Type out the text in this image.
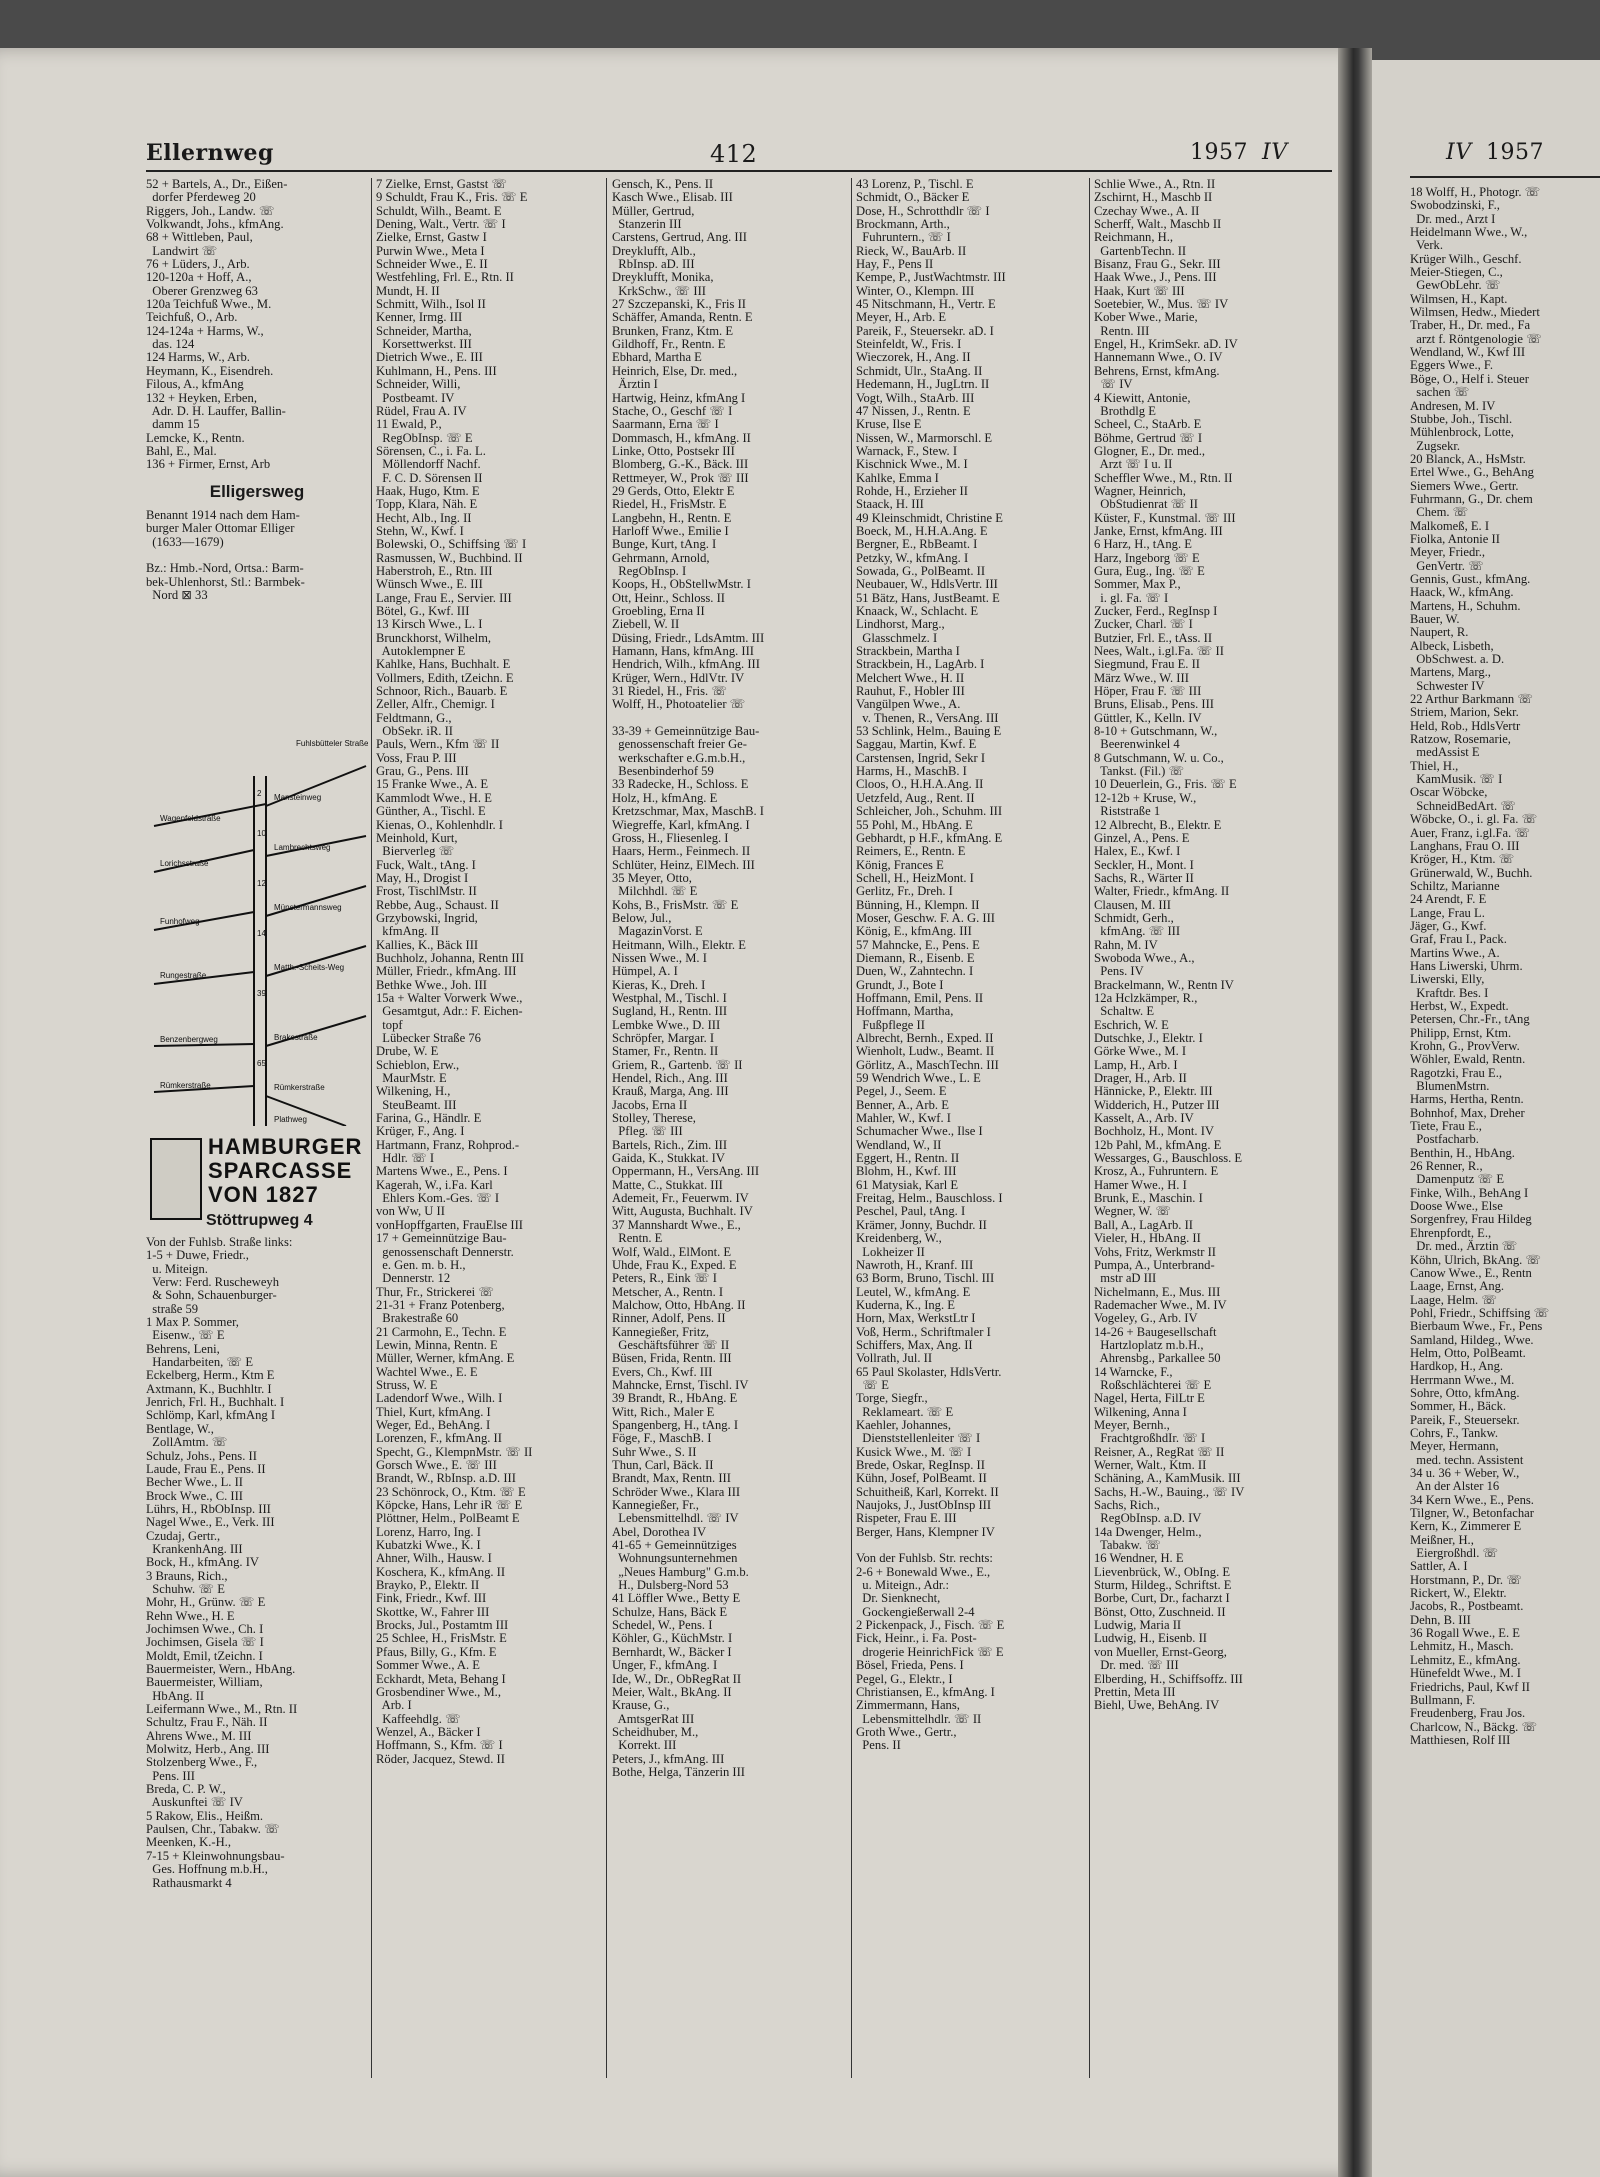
Ellernweg	412	1957 IV	IV 1957
52 + Bartels, A., Dr., Eißen-
dorfer Pferdeweg 20
Riggers, Joh., Landw. ☏
Volkwandt, Johs., kfmAng.
68 + Wittleben, Paul,
Landwirt ☏
76 + Lüders, J., Arb.
120-120a + Hoff, A.,
Oberer Grenzweg 63
120a Teichfuß Wwe., M.
Teichfuß, O., Arb.
124-124a + Harms, W.,
das. 124
124 Harms, W., Arb.
Heymann, K., Eisendreh.
Filous, A., kfmAng
132 + Heyken, Erben,
Adr. D. H. Lauffer, Ballin-
damm 15
Lemcke, K., Rentn.
Bahl, E., Mal.
136 + Firmer, Ernst, Arb
Elligersweg
Benannt 1914 nach dem Ham-
burger Maler Ottomar Elliger
(1633—1679)
Bz.: Hmb.-Nord, Ortsa.: Barm-
bek-Uhlenhorst, Stl.: Barmbek-
Nord ⊠ 33
Wagenfeldstraße
Lorichsstraße
Funhofweg
Rungestraße
Benzenbergweg
Rümkerstraße
Mansteinweg
Lambrechtsweg
Münstermannsweg
Matth.-Scheits-Weg
Brakestraße
Rümkerstraße
Plathweg
Fuhlsbütteler Straße
2
10
12
14
39
65
HAMBURGER
SPARCASSE
VON 1827
Stöttrupweg 4
Von der Fuhlsb. Straße links:
1-5 + Duwe, Friedr.,
u. Miteign.
Verw: Ferd. Ruscheweyh
& Sohn, Schauenburger-
straße 59
1 Max P. Sommer,
Eisenw., ☏ E
Behrens, Leni,
Handarbeiten, ☏ E
Eckelberg, Herm., Ktm E
Axtmann, K., Buchhltr. I
Jenrich, Frl. H., Buchhalt. I
Schlömp, Karl, kfmAng I
Bentlage, W.,
ZollAmtm. ☏
Schulz, Johs., Pens. II
Laude, Frau E., Pens. II
Becher Wwe., L. II
Brock Wwe., C. III
Lührs, H., RbObInsp. III
Nagel Wwe., E., Verk. III
Czudaj, Gertr.,
KrankenhAng. III
Bock, H., kfmAng. IV
3 Brauns, Rich.,
Schuhw. ☏ E
Mohr, H., Grünw. ☏ E
Rehn Wwe., H. E
Jochimsen Wwe., Ch. I
Jochimsen, Gisela ☏ I
Moldt, Emil, tZeichn. I
Bauermeister, Wern., HbAng.
Bauermeister, William,
HbAng. II
Leifermann Wwe., M., Rtn. II
Schultz, Frau F., Näh. II
Ahrens Wwe., M. III
Molwitz, Herb., Ang. III
Stolzenberg Wwe., F.,
Pens. III
Breda, C. P. W.,
Auskunftei ☏ IV
5 Rakow, Elis., Heißm.
Paulsen, Chr., Tabakw. ☏
Meenken, K.-H.,
7-15 + Kleinwohnungsbau-
Ges. Hoffnung m.b.H.,
Rathausmarkt 4
7 Zielke, Ernst, Gastst ☏
9 Schuldt, Frau K., Fris. ☏ E
Schuldt, Wilh., Beamt. E
Dening, Walt., Vertr. ☏ I
Zielke, Ernst, Gastw I
Purwin Wwe., Meta I
Schneider Wwe., E. II
Westfehling, Frl. E., Rtn. II
Mundt, H. II
Schmitt, Wilh., Isol II
Kenner, Irmg. III
Schneider, Martha,
Korsettwerkst. III
Dietrich Wwe., E. III
Kuhlmann, H., Pens. III
Schneider, Willi,
Postbeamt. IV
Rüdel, Frau A. IV
11 Ewald, P.,
RegObInsp. ☏ E
Sörensen, C., i. Fa. L.
Möllendorff Nachf.
F. C. D. Sörensen II
Haak, Hugo, Ktm. E
Topp, Klara, Näh. E
Hecht, Alb., Ing. II
Stehn, W., Kwf. I
Bolewski, O., Schiffsing ☏ I
Rasmussen, W., Buchbind. II
Haberstroh, E., Rtn. III
Wünsch Wwe., E. III
Lange, Frau E., Servier. III
Bötel, G., Kwf. III
13 Kirsch Wwe., L. I
Brunckhorst, Wilhelm,
Autoklempner E
Kahlke, Hans, Buchhalt. E
Vollmers, Edith, tZeichn. E
Schnoor, Rich., Bauarb. E
Zeller, Alfr., Chemigr. I
Feldtmann, G.,
ObSekr. iR. II
Pauls, Wern., Kfm ☏ II
Voss, Frau P. III
Grau, G., Pens. III
15 Franke Wwe., A. E
Kammlodt Wwe., H. E
Günther, A., Tischl. E
Kienas, O., Kohlenhdlr. I
Meinhold, Kurt,
Bierverleg ☏
Fuck, Walt., tAng. I
May, H., Drogist I
Frost, TischlMstr. II
Rebbe, Aug., Schaust. II
Grzybowski, Ingrid,
kfmAng. II
Kallies, K., Bäck III
Buchholz, Johanna, Rentn III
Müller, Friedr., kfmAng. III
Bethke Wwe., Joh. III
15a + Walter Vorwerk Wwe.,
Gesamtgut, Adr.: F. Eichen-
topf
Lübecker Straße 76
Drube, W. E
Schieblon, Erw.,
MaurMstr. E
Wilkening, H.,
SteuBeamt. III
Farina, G., Händlr. E
Krüger, F., Ang. I
Hartmann, Franz, Rohprod.-
Hdlr. ☏ I
Martens Wwe., E., Pens. I
Kagerah, W., i.Fa. Karl
Ehlers Kom.-Ges. ☏ I
von Ww, U II
vonHopffgarten, FrauElse III
17 + Gemeinnützige Bau-
genossenschaft Dennerstr.
e. Gen. m. b. H.,
Dennerstr. 12
Thur, Fr., Strickerei ☏
21-31 + Franz Potenberg,
Brakestraße 60
21 Carmohn, E., Techn. E
Lewin, Minna, Rentn. E
Müller, Werner, kfmAng. E
Wachtel Wwe., E. E
Struss, W. E
Ladendorf Wwe., Wilh. I
Thiel, Kurt, kfmAng. I
Weger, Ed., BehAng. I
Lorenzen, F., kfmAng. II
Specht, G., KlempnMstr. ☏ II
Gorsch Wwe., E. ☏ III
Brandt, W., RbInsp. a.D. III
23 Schönrock, O., Ktm. ☏ E
Köpcke, Hans, Lehr iR ☏ E
Plöttner, Helm., PolBeamt E
Lorenz, Harro, Ing. I
Kubatzki Wwe., K. I
Ahner, Wilh., Hausw. I
Koschera, K., kfmAng. II
Brayko, P., Elektr. II
Fink, Friedr., Kwf. III
Skottke, W., Fahrer III
Brocks, Jul., Postamtm III
25 Schlee, H., FrisMstr. E
Pfaus, Billy, G., Kfm. E
Sommer Wwe., A. E
Eckhardt, Meta, Behang I
Grosbendiner Wwe., M.,
Arb. I
Kaffeehdlg. ☏
Wenzel, A., Bäcker I
Hoffmann, S., Kfm. ☏ I
Röder, Jacquez, Stewd. II
Gensch, K., Pens. II
Kasch Wwe., Elisab. III
Müller, Gertrud,
Stanzerin III
Carstens, Gertrud, Ang. III
Dreyklufft, Alb.,
RbInsp. aD. III
Dreyklufft, Monika,
KrkSchw., ☏ III
27 Szczepanski, K., Fris II
Schäffer, Amanda, Rentn. E
Brunken, Franz, Ktm. E
Gildhoff, Fr., Rentn. E
Ebhard, Martha E
Heinrich, Else, Dr. med.,
Ärztin I
Hartwig, Heinz, kfmAng I
Stache, O., Geschf ☏ I
Saarmann, Erna ☏ I
Dommasch, H., kfmAng. II
Linke, Otto, Postsekr III
Blomberg, G.-K., Bäck. III
Rettmeyer, W., Prok ☏ III
29 Gerds, Otto, Elektr E
Riedel, H., FrisMstr. E
Langbehn, H., Rentn. E
Harloff Wwe., Emilie I
Bunge, Kurt, tAng. I
Gehrmann, Arnold,
RegObInsp. I
Koops, H., ObStellwMstr. I
Ott, Heinr., Schloss. II
Groebling, Erna II
Ziebell, W. II
Düsing, Friedr., LdsAmtm. III
Hamann, Hans, kfmAng. III
Hendrich, Wilh., kfmAng. III
Krüger, Wern., HdlVtr. IV
31 Riedel, H., Fris. ☏
Wolff, H., Photoatelier ☏
33-39 + Gemeinnützige Bau-
genossenschaft freier Ge-
werkschafter e.G.m.b.H.,
Besenbinderhof 59
33 Radecke, H., Schloss. E
Holz, H., kfmAng. E
Kretzschmar, Max, MaschB. I
Wiegreffe, Karl, kfmAng. I
Gross, H., Fliesenleg. I
Haars, Herm., Feinmech. II
Schlüter, Heinz, ElMech. III
35 Meyer, Otto,
Milchhdl. ☏ E
Kohs, B., FrisMstr. ☏ E
Below, Jul.,
MagazinVorst. E
Heitmann, Wilh., Elektr. E
Nissen Wwe., M. I
Hümpel, A. I
Kieras, K., Dreh. I
Westphal, M., Tischl. I
Sugland, H., Rentn. III
Lembke Wwe., D. III
Schröpfer, Margar. I
Stamer, Fr., Rentn. II
Griem, R., Gartenb. ☏ II
Hendel, Rich., Ang. III
Krauß, Marga, Ang. III
Jacobs, Erna II
Stolley, Therese,
Pfleg. ☏ III
Bartels, Rich., Zim. III
Gaida, K., Stukkat. IV
Oppermann, H., VersAng. III
Matte, C., Stukkat. III
Ademeit, Fr., Feuerwm. IV
Witt, Augusta, Buchhalt. IV
37 Mannshardt Wwe., E.,
Rentn. E
Wolf, Wald., ElMont. E
Uhde, Frau K., Exped. E
Peters, R., Eink ☏ I
Metscher, A., Rentn. I
Malchow, Otto, HbAng. II
Rinner, Adolf, Pens. II
Kannegießer, Fritz,
Geschäftsführer ☏ II
Büsen, Frida, Rentn. III
Evers, Ch., Kwf. III
Mahncke, Ernst, Tischl. IV
39 Brandt, R., HbAng. E
Witt, Rich., Maler E
Spangenberg, H., tAng. I
Föge, F., MaschB. I
Suhr Wwe., S. II
Thun, Carl, Bäck. II
Brandt, Max, Rentn. III
Schröder Wwe., Klara III
Kannegießer, Fr.,
Lebensmittelhdl. ☏ IV
Abel, Dorothea IV
41-65 + Gemeinnütziges
Wohnungsunternehmen
„Neues Hamburg" G.m.b.
H., Dulsberg-Nord 53
41 Löffler Wwe., Betty E
Schulze, Hans, Bäck E
Schedel, W., Pens. I
Köhler, G., KüchMstr. I
Bernhardt, W., Bäcker I
Unger, F., kfmAng. I
Ide, W., Dr., ObRegRat II
Meier, Walt., BkAng. II
Krause, G.,
AmtsgerRat III
Scheidhuber, M.,
Korrekt. III
Peters, J., kfmAng. III
Bothe, Helga, Tänzerin III
43 Lorenz, P., Tischl. E
Schmidt, O., Bäcker E
Dose, H., Schrotthdlr ☏ I
Brockmann, Arth.,
Fuhruntern., ☏ I
Rieck, W., BauArb. II
Hay, F., Pens II
Kempe, P., JustWachtmstr. III
Winter, O., Klempn. III
45 Nitschmann, H., Vertr. E
Meyer, H., Arb. E
Pareik, F., Steuersekr. aD. I
Steinfeldt, W., Fris. I
Wieczorek, H., Ang. II
Schmidt, Ulr., StaAng. II
Hedemann, H., JugLtrn. II
Vogt, Wilh., StaArb. III
47 Nissen, J., Rentn. E
Kruse, Ilse E
Nissen, W., Marmorschl. E
Warnack, F., Stew. I
Kischnick Wwe., M. I
Kahlke, Emma I
Rohde, H., Erzieher II
Staack, H. III
49 Kleinschmidt, Christine E
Boeck, M., H.H.A.Ang. E
Bergner, E., RbBeamt. I
Petzky, W., kfmAng. I
Sowada, G., PolBeamt. II
Neubauer, W., HdlsVertr. III
51 Bätz, Hans, JustBeamt. E
Knaack, W., Schlacht. E
Lindhorst, Marg.,
Glasschmelz. I
Strackbein, Martha I
Strackbein, H., LagArb. I
Melchert Wwe., H. II
Rauhut, F., Hobler III
Vangülpen Wwe., A.
v. Thenen, R., VersAng. III
53 Schlink, Helm., Bauing E
Saggau, Martin, Kwf. E
Carstensen, Ingrid, Sekr I
Harms, H., MaschB. I
Cloos, O., H.H.A.Ang. II
Uetzfeld, Aug., Rent. II
Schleicher, Joh., Schuhm. III
55 Pohl, M., HbAng. E
Gebhardt, p H.F., kfmAng. E
Reimers, E., Rentn. E
König, Frances E
Schell, H., HeizMont. I
Gerlitz, Fr., Dreh. I
Bünning, H., Klempn. II
Moser, Geschw. F. A. G. III
König, E., kfmAng. III
57 Mahncke, E., Pens. E
Diemann, R., Eisenb. E
Duen, W., Zahntechn. I
Grundt, J., Bote I
Hoffmann, Emil, Pens. II
Hoffmann, Martha,
Fußpflege II
Albrecht, Bernh., Exped. II
Wienholt, Ludw., Beamt. II
Görlitz, A., MaschTechn. III
59 Wendrich Wwe., L. E
Pegel, J., Seem. E
Benner, A., Arb. E
Mahler, W., Kwf. I
Schumacher Wwe., Ilse I
Wendland, W., II
Eggert, H., Rentn. II
Blohm, H., Kwf. III
61 Matysiak, Karl E
Freitag, Helm., Bauschloss. I
Peschel, Paul, tAng. I
Krämer, Jonny, Buchdr. II
Kreidenberg, W.,
Lokheizer II
Nawroth, H., Kranf. III
63 Borm, Bruno, Tischl. III
Leutel, W., kfmAng. E
Kuderna, K., Ing. E
Horn, Max, WerkstLtr I
Voß, Herm., Schriftmaler I
Schiffers, Max, Ang. II
Vollrath, Jul. II
65 Paul Skolaster, HdlsVertr.
☏ E
Torge, Siegfr.,
Reklameart. ☏ E
Kaehler, Johannes,
Dienststellenleiter ☏ I
Kusick Wwe., M. ☏ I
Brede, Oskar, RegInsp. II
Kühn, Josef, PolBeamt. II
Schuitheiß, Karl, Korrekt. II
Naujoks, J., JustObInsp III
Rispeter, Frau E. III
Berger, Hans, Klempner IV
Von der Fuhlsb. Str. rechts:
2-6 + Bonewald Wwe., E.,
u. Miteign., Adr.:
Dr. Sienknecht,
Gockengießerwall 2-4
2 Pickenpack, J., Fisch. ☏ E
Fick, Heinr., i. Fa. Post-
drogerie HeinrichFick ☏ E
Bösel, Frieda, Pens. I
Pegel, G., Elektr., I
Christiansen, E., kfmAng. I
Zimmermann, Hans,
Lebensmittelhdlr. ☏ II
Groth Wwe., Gertr.,
Pens. II
Schlie Wwe., A., Rtn. II
Zschirnt, H., Maschb II
Czechay Wwe., A. II
Scherff, Walt., Maschb II
Reichmann, H.,
GartenbTechn. II
Bisanz, Frau G., Sekr. III
Haak Wwe., J., Pens. III
Haak, Kurt ☏ III
Soetebier, W., Mus. ☏ IV
Kober Wwe., Marie,
Rentn. III
Engel, H., KrimSekr. aD. IV
Hannemann Wwe., O. IV
Behrens, Ernst, kfmAng.
☏ IV
4 Kiewitt, Antonie,
Brothdlg E
Scheel, C., StaArb. E
Böhme, Gertrud ☏ I
Glogner, E., Dr. med.,
Arzt ☏ I u. II
Scheffler Wwe., M., Rtn. II
Wagner, Heinrich,
ObStudienrat ☏ II
Küster, F., Kunstmal. ☏ III
Janke, Ernst, kfmAng. III
6 Harz, H., tAng. E
Harz, Ingeborg ☏ E
Gura, Eug., Ing. ☏ E
Sommer, Max P.,
i. gl. Fa. ☏ I
Zucker, Ferd., RegInsp I
Zucker, Charl. ☏ I
Butzier, Frl. E., tAss. II
Nees, Walt., i.gl.Fa. ☏ II
Siegmund, Frau E. II
März Wwe., W. III
Höper, Frau F. ☏ III
Bruns, Elisab., Pens. III
Güttler, K., Kelln. IV
8-10 + Gutschmann, W.,
Beerenwinkel 4
8 Gutschmann, W. u. Co.,
Tankst. (Fil.) ☏
10 Deuerlein, G., Fris. ☏ E
12-12b + Kruse, W.,
Riststraße 1
12 Albrecht, B., Elektr. E
Ginzel, A., Pens. E
Halex, E., Kwf. I
Seckler, H., Mont. I
Sachs, R., Wärter II
Walter, Friedr., kfmAng. II
Clausen, M. III
Schmidt, Gerh.,
kfmAng. ☏ III
Rahn, M. IV
Swoboda Wwe., A.,
Pens. IV
Brackelmann, W., Rentn IV
12a Hclzkämper, R.,
Schaltw. E
Eschrich, W. E
Dutschke, J., Elektr. I
Görke Wwe., M. I
Lamp, H., Arb. I
Drager, H., Arb. II
Hännicke, P., Elektr. III
Widderich, H., Putzer III
Kasselt, A., Arb. IV
Bochholz, H., Mont. IV
12b Pahl, M., kfmAng. E
Wessarges, G., Bauschloss. E
Krosz, A., Fuhruntern. E
Hamer Wwe., H. I
Brunk, E., Maschin. I
Wegner, W. ☏
Ball, A., LagArb. II
Vieler, H., HbAng. II
Vohs, Fritz, Werkmstr II
Pumpa, A., Unterbrand-
mstr aD III
Nichelmann, E., Mus. III
Rademacher Wwe., M. IV
Vogeley, G., Arb. IV
14-26 + Baugesellschaft
Hartzloplatz m.b.H.,
Ahrensbg., Parkallee 50
14 Warncke, F.,
Roßschlächterei ☏ E
Nagel, Herta, FilLtr E
Wilkening, Anna I
Meyer, Bernh.,
FrachtgroßhdIr. ☏ I
Reisner, A., RegRat ☏ II
Werner, Walt., Ktm. II
Schäning, A., KamMusik. III
Sachs, H.-W., Bauing., ☏ IV
Sachs, Rich.,
RegObInsp. a.D. IV
14a Dwenger, Helm.,
Tabakw. ☏
16 Wendner, H. E
Lievenbrück, W., ObIng. E
Sturm, Hildeg., Schriftst. E
Borbe, Curt, Dr., facharzt I
Bönst, Otto, Zuschneid. II
Ludwig, Maria II
Ludwig, H., Eisenb. II
von Mueller, Ernst-Georg,
Dr. med. ☏ III
Elberding, H., Schiffsoffz. III
Prettin, Meta III
Biehl, Uwe, BehAng. IV
18 Wolff, H., Photogr. ☏
Swobodzinski, F.,
Dr. med., Arzt I
Heidelmann Wwe., W.,
Verk.
Krüger Wilh., Geschf.
Meier-Stiegen, C.,
GewObLehr. ☏
Wilmsen, H., Kapt.
Wilmsen, Hedw., Miedert
Traber, H., Dr. med., Fa
arzt f. Röntgenologie ☏
Wendland, W., Kwf III
Eggers Wwe., F.
Böge, O., Helf i. Steuer
sachen ☏
Andresen, M. IV
Stubbe, Joh., Tischl.
Mühlenbrock, Lotte,
Zugsekr.
20 Blanck, A., HsMstr.
Ertel Wwe., G., BehAng
Siemers Wwe., Gertr.
Fuhrmann, G., Dr. chem
Chem. ☏
Malkomeß, E. I
Fiolka, Antonie II
Meyer, Friedr.,
GenVertr. ☏
Gennis, Gust., kfmAng.
Haack, W., kfmAng.
Martens, H., Schuhm.
Bauer, W.
Naupert, R.
Albeck, Lisbeth,
ObSchwest. a. D.
Martens, Marg.,
Schwester IV
22 Arthur Barkmann ☏
Striem, Marion, Sekr.
Held, Rob., HdlsVertr
Ratzow, Rosemarie,
medAssist E
Thiel, H.,
KamMusik. ☏ I
Oscar Wöbcke,
SchneidBedArt. ☏
Wöbcke, O., i. gl. Fa. ☏
Auer, Franz, i.gl.Fa. ☏
Langhans, Frau O. III
Kröger, H., Ktm. ☏
Grünerwald, W., Buchh.
Schiltz, Marianne
24 Arendt, F. E
Lange, Frau L.
Jäger, G., Kwf.
Graf, Frau I., Pack.
Martins Wwe., A.
Hans Liwerski, Uhrm.
Liwerski, Elly,
Kraftdr. Bes. I
Herbst, W., Expedt.
Petersen, Chr.-Fr., tAng
Philipp, Ernst, Ktm.
Krohn, G., ProvVerw.
Wöhler, Ewald, Rentn.
Ragotzki, Frau E.,
BlumenMstrn.
Harms, Hertha, Rentn.
Bohnhof, Max, Dreher
Tiete, Frau E.,
Postfacharb.
Benthin, H., HbAng.
26 Renner, R.,
Damenputz ☏ E
Finke, Wilh., BehAng I
Doose Wwe., Else
Sorgenfrey, Frau Hildeg
Ehrenpfordt, E.,
Dr. med., Ärztin ☏
Köhn, Ulrich, BkAng. ☏
Canow Wwe., E., Rentn
Laage, Ernst, Ang.
Laage, Helm. ☏
Pohl, Friedr., Schiffsing ☏
Bierbaum Wwe., Fr., Pens
Samland, Hildeg., Wwe.
Helm, Otto, PolBeamt.
Hardkop, H., Ang.
Herrmann Wwe., M.
Sohre, Otto, kfmAng.
Sommer, H., Bäck.
Pareik, F., Steuersekr.
Cohrs, F., Tankw.
Meyer, Hermann,
med. techn. Assistent
34 u. 36 + Weber, W.,
An der Alster 16
34 Kern Wwe., E., Pens.
Tilgner, W., Betonfachar
Kern, K., Zimmerer E
Meißner, H.,
Eiergroßhdl. ☏
Sattler, A. I
Horstmann, P., Dr. ☏
Rickert, W., Elektr.
Jacobs, R., Postbeamt.
Dehn, B. III
36 Rogall Wwe., E. E
Lehmitz, H., Masch.
Lehmitz, E., kfmAng.
Hünefeldt Wwe., M. I
Friedrichs, Paul, Kwf II
Bullmann, F.
Freudenberg, Frau Jos.
Charlcow, N., Bäckg. ☏
Matthiesen, Rolf III
